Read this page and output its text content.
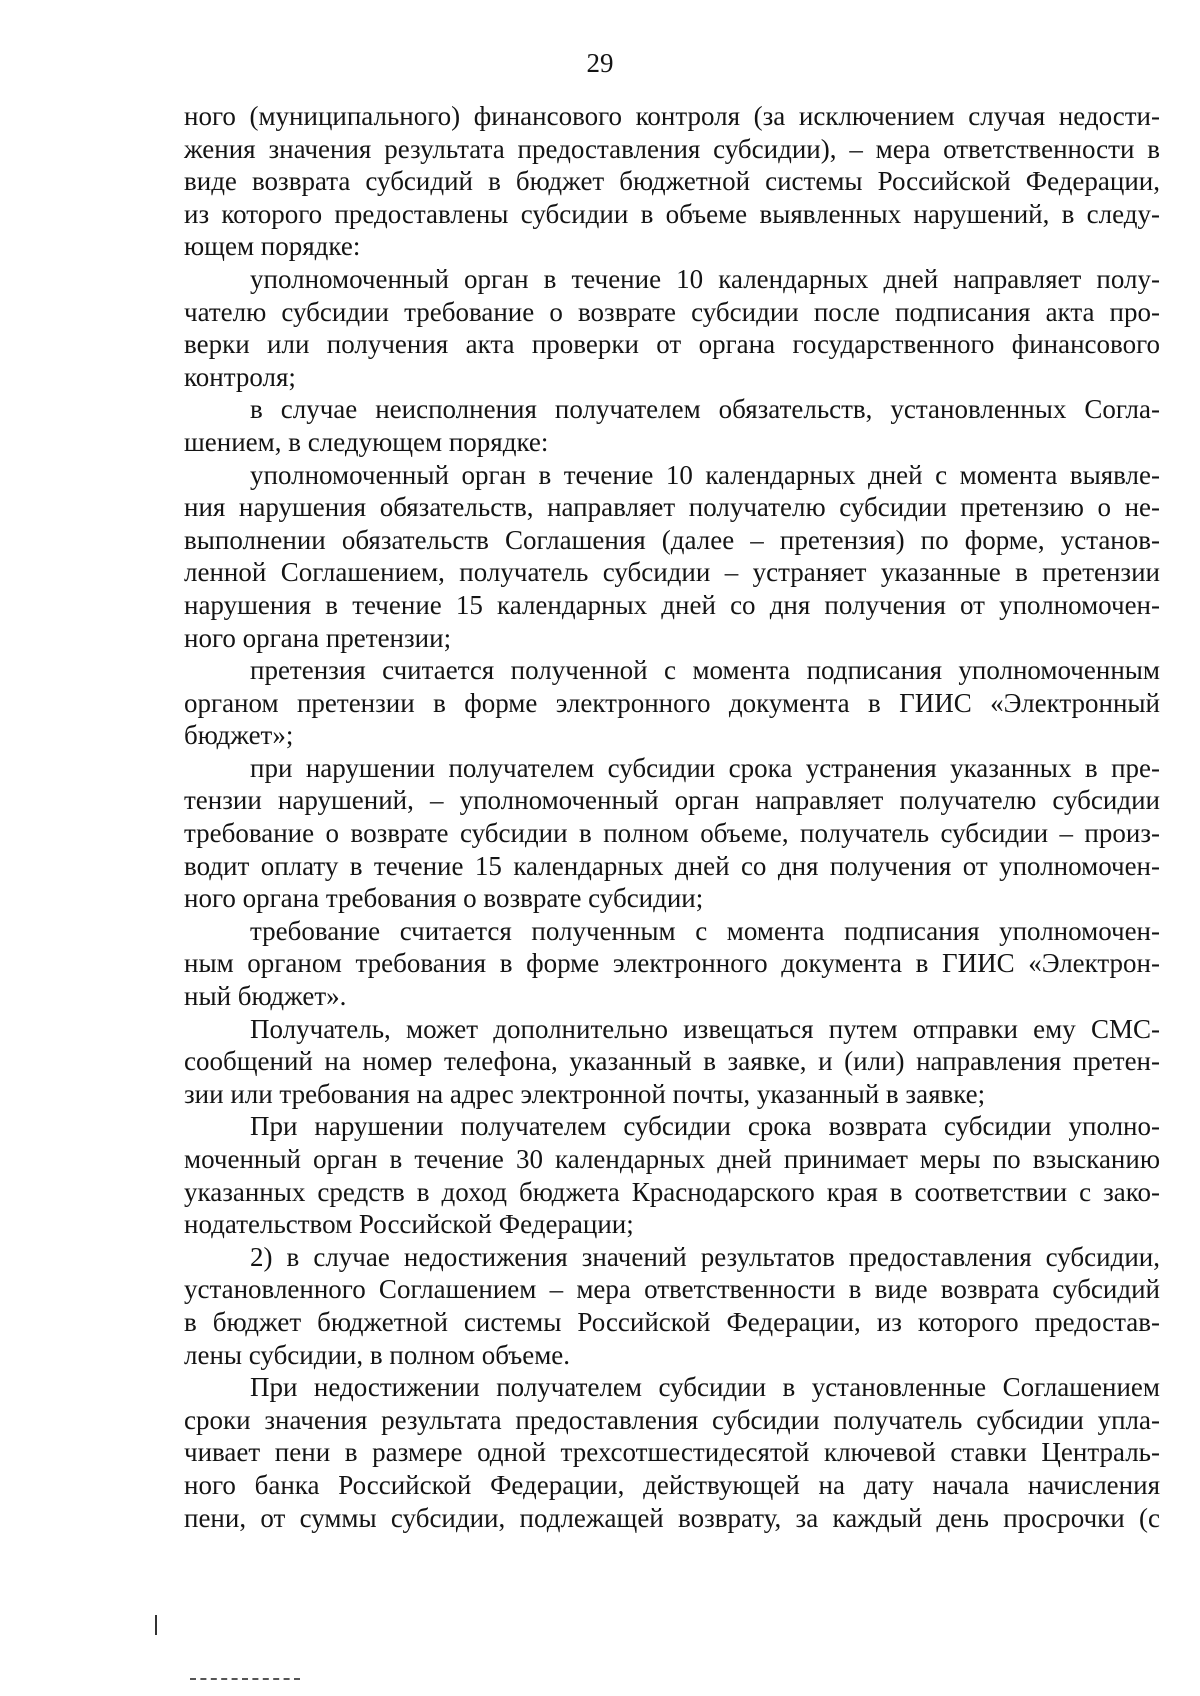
29
ного (муниципального) финансового контроля (за исключением случая недости-
жения значения результата предоставления субсидии), – мера ответственности в
виде возврата субсидий в бюджет бюджетной системы Российской Федерации,
из которого предоставлены субсидии в объеме выявленных нарушений, в следу-
ющем порядке:
уполномоченный орган в течение 10 календарных дней направляет полу-
чателю субсидии требование о возврате субсидии после подписания акта про-
верки или получения акта проверки от органа государственного финансового
контроля;
в случае неисполнения получателем обязательств, установленных Согла-
шением, в следующем порядке:
уполномоченный орган в течение 10 календарных дней с момента выявле-
ния нарушения обязательств, направляет получателю субсидии претензию о не-
выполнении обязательств Соглашения (далее – претензия) по форме, установ-
ленной Соглашением, получатель субсидии – устраняет указанные в претензии
нарушения в течение 15 календарных дней со дня получения от уполномочен-
ного органа претензии;
претензия считается полученной с момента подписания уполномоченным
органом претензии в форме электронного документа в ГИИС «Электронный
бюджет»;
при нарушении получателем субсидии срока устранения указанных в пре-
тензии нарушений, – уполномоченный орган направляет получателю субсидии
требование о возврате субсидии в полном объеме, получатель субсидии – произ-
водит оплату в течение 15 календарных дней со дня получения от уполномочен-
ного органа требования о возврате субсидии;
требование считается полученным с момента подписания уполномочен-
ным органом требования в форме электронного документа в ГИИС «Электрон-
ный бюджет».
Получатель, может дополнительно извещаться путем отправки ему СМС-
сообщений на номер телефона, указанный в заявке, и (или) направления претен-
зии или требования на адрес электронной почты, указанный в заявке;
При нарушении получателем субсидии срока возврата субсидии уполно-
моченный орган в течение 30 календарных дней принимает меры по взысканию
указанных средств в доход бюджета Краснодарского края в соответствии с зако-
нодательством Российской Федерации;
2) в случае недостижения значений результатов предоставления субсидии,
установленного Соглашением – мера ответственности в виде возврата субсидий
в бюджет бюджетной системы Российской Федерации, из которого предостав-
лены субсидии, в полном объеме.
При недостижении получателем субсидии в установленные Соглашением
сроки значения результата предоставления субсидии получатель субсидии упла-
чивает пени в размере одной трехсотшестидесятой ключевой ставки Централь-
ного банка Российской Федерации, действующей на дату начала начисления
пени, от суммы субсидии, подлежащей возврату, за каждый день просрочки (с
